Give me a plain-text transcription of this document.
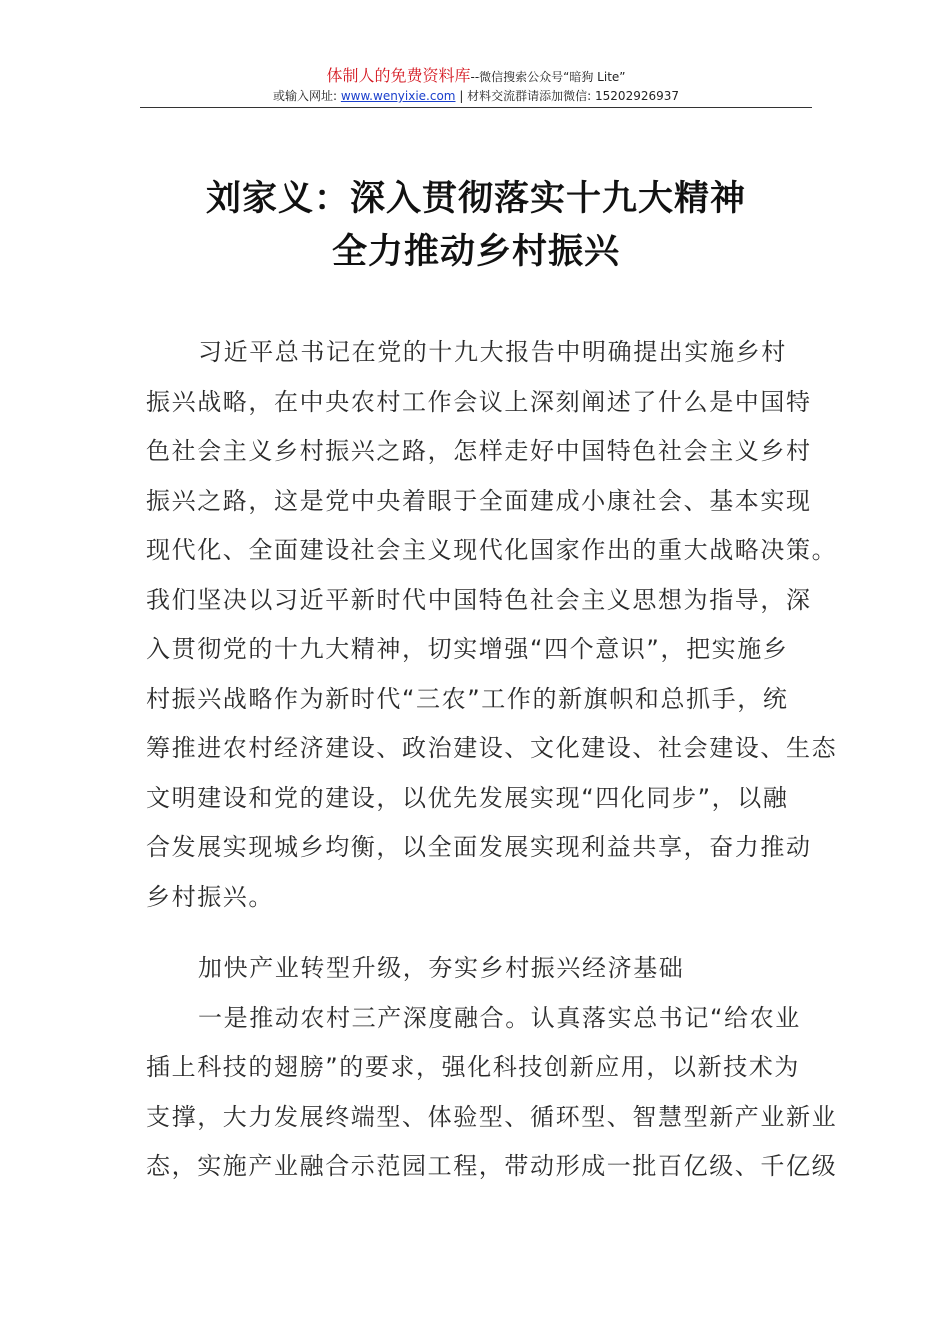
体制人的免费资料库--微信搜索公众号“暗狗 Lite”
或输入网址: www.wenyixie.com | 材料交流群请添加微信: 15202926937
刘家义：深入贯彻落实十九大精神
全力推动乡村振兴
习近平总书记在党的十九大报告中明确提出实施乡村
振兴战略，在中央农村工作会议上深刻阐述了什么是中国特
色社会主义乡村振兴之路，怎样走好中国特色社会主义乡村
振兴之路，这是党中央着眼于全面建成小康社会、基本实现
现代化、全面建设社会主义现代化国家作出的重大战略决策。
我们坚决以习近平新时代中国特色社会主义思想为指导，深
入贯彻党的十九大精神，切实增强“四个意识”，把实施乡
村振兴战略作为新时代“三农”工作的新旗帜和总抓手，统
筹推进农村经济建设、政治建设、文化建设、社会建设、生态
文明建设和党的建设，以优先发展实现“四化同步”，以融
合发展实现城乡均衡，以全面发展实现利益共享，奋力推动
乡村振兴。
加快产业转型升级，夯实乡村振兴经济基础
一是推动农村三产深度融合。认真落实总书记“给农业
插上科技的翅膀”的要求，强化科技创新应用，以新技术为
支撑，大力发展终端型、体验型、循环型、智慧型新产业新业
态，实施产业融合示范园工程，带动形成一批百亿级、千亿级
